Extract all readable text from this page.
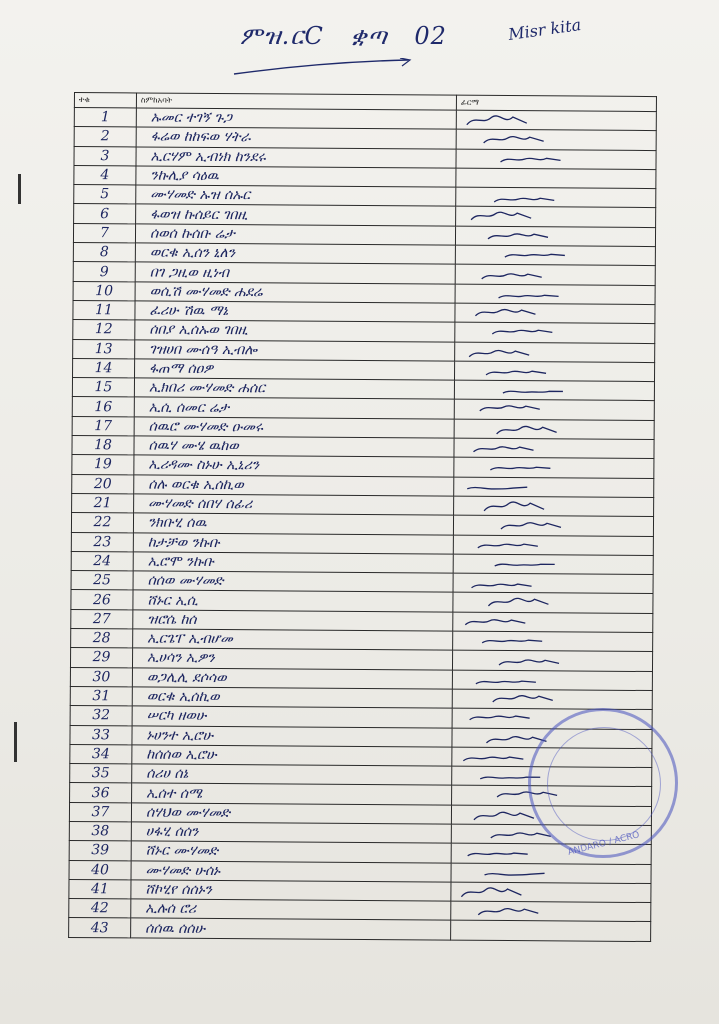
ምዝ.ርC ቋጣ 02	Misr kita
ተቁ	ስምከአባት	ፊርማ
1	ኡመር ተገኝ ጉጋ	

2	ፋሬወ ከከፍወ ሃትራ	

3	ኢርሃም ኢብነክ ከንደሩ	

4	ንኩሊያ ሳዕዉ	
5	ሙሃመድ ኡዝ ሰኡር	

6	ፋወዝ ኩሰይር ገበዚ	

7	ሰወሰ ኩሰቡ ሬታ	

8	ወርቁ ኢሰን ኒለን	

9	በገ ጋዚወ ዚነብ	

10	ወሲሽ ሙሃመድ ሐደሬ	

11	ፈሪሁ ሽዉ ማኔ	

12	ሰበያ ኢሰኡወ ገበዚ	

13	ገዝሀበ ሙሰዓ ኢብሎ	

14	ፋጠማ ሰዐዎ	

15	ኢክበሪ ሙሃመድ ሐሰር	

16	ኢሲ ሰመር ሬታ	

17	ሰዉሮ ሙሃመድ ዑመሩ	

18	ሰዉሃ ሙሄ ዉከወ	

19	ኢሪዳሙ ስኑሁ ኢኒሪን	

20	ሰሉ ወርቁ ኢሰኪወ	

21	ሙሃመድ ሰበሃ ሰፊሪ	

22	ንክቡሂ ሰዉ	

23	ከታቻወ ንኩቡ	

24	ኢሮሞ ንኩቡ	

25	ሰሰወ ሙሃመድ	

26	ሸኑር ኢሲ	

27	ዝሮሴ ከሰ	

28	ኢርጌፐ ኢብሆመ	

29	ኢሀሳን ኢዎን	

30	ወጋሊሊ ደሶሳወ	

31	ወርቁ ኢሰኪወ	

32	ሠርካ ዘወሁ	

33	ኑሀንተ ኢሮሁ	

34	ከሰሰወ ኢሮሁ	

35	ሰሪሀ ሰኔ	

36	ኢሰተ ሰሜ	

37	ሰሃህወ ሙሃመድ	

38	ሀፋሂ ሰሰን	

39	ሸኑር ሙሃመድ	

40	ሙሃመድ ሁሰኑ	

41	ሸኮሂየ ሰሰኑን	

42	ኢሉሰ ሮሪ	

43	ሰሰዉ ሰሰሁ	
ANDARO / ACRO
